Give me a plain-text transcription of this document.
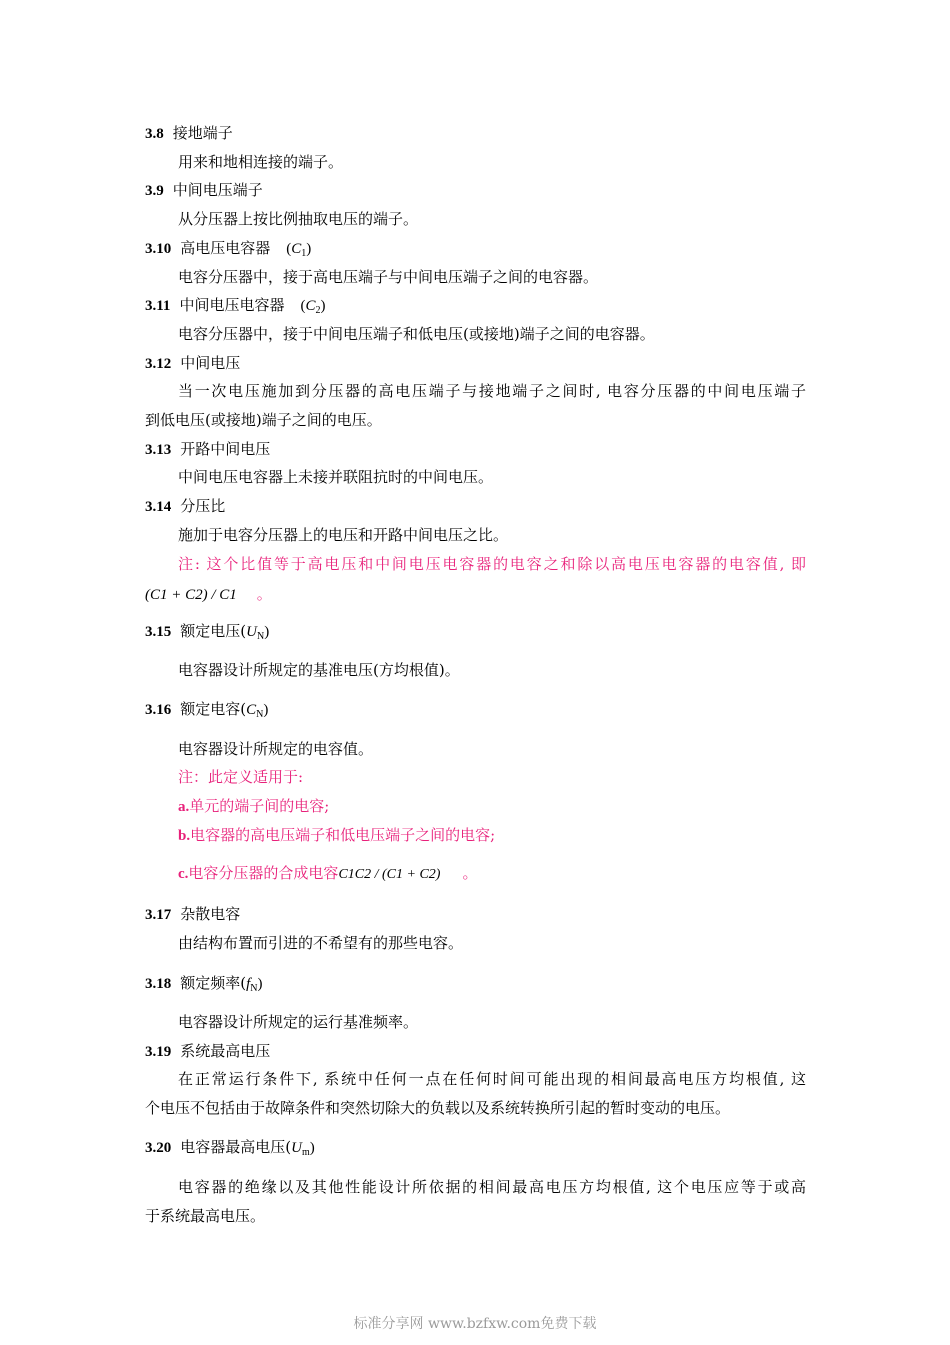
3.8 接地端子
用来和地相连接的端子。
3.9 中间电压端子
从分压器上按比例抽取电压的端子。
3.10 高电压电容器 $(C_1)$
电容分压器中，接于高电压端子与中间电压端子之间的电容器。
3.11 中间电压电容器 $(C_2)$
电容分压器中，接于中间电压端子和低电压(或接地)端子之间的电容器。
3.12 中间电压
当一次电压施加到分压器的高电压端子与接地端子之间时, 电容分压器的中间电压端子
到低电压(或接地)端子之间的电压。
3.13 开路中间电压
中间电压电容器上未接并联阻抗时的中间电压。
3.14 分压比
施加于电容分压器上的电压和开路中间电压之比。
注: 这个比值等于高电压和中间电压电容器的电容之和除以高电压电容器的电容值, 即
(C1 + C2) / C1 。
3.15 额定电压$(U_N)$
电容器设计所规定的基准电压(方均根值)。
3.16 额定电容$(C_N)$
电容器设计所规定的电容值。
注：此定义适用于:
a.单元的端子间的电容;
b.电容器的高电压端子和低电压端子之间的电容;
c.电容分压器的合成电容C1C2 / (C1 + C2) 。
3.17 杂散电容
由结构布置而引进的不希望有的那些电容。
3.18 额定频率$(f_N)$
电容器设计所规定的运行基准频率。
3.19 系统最高电压
在正常运行条件下, 系统中任何一点在任何时间可能出现的相间最高电压方均根值, 这
个电压不包括由于故障条件和突然切除大的负载以及系统转换所引起的暂时变动的电压。
3.20 电容器最高电压$(U_m)$
电容器的绝缘以及其他性能设计所依据的相间最高电压方均根值, 这个电压应等于或高
于系统最高电压。
标准分享网 www.bzfxw.com免费下载
